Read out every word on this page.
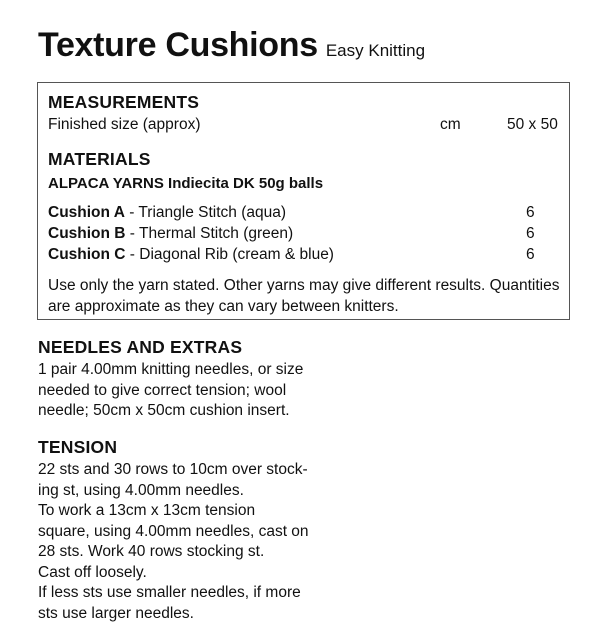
Texture Cushions Easy Knitting
MEASUREMENTS
Finished size (approx)	cm	50 x 50
MATERIALS
ALPACA YARNS Indiecita DK 50g balls
Cushion A - Triangle Stitch (aqua)	6
Cushion B - Thermal Stitch (green)	6
Cushion C - Diagonal Rib (cream & blue)	6
Use only the yarn stated. Other yarns may give different results. Quantities are approximate as they can vary between knitters.
NEEDLES AND EXTRAS
1 pair 4.00mm knitting needles, or size
needed to give correct tension; wool
needle; 50cm x 50cm cushion insert.
TENSION
22 sts and 30 rows to 10cm over stock-
ing st, using 4.00mm needles.
To work a 13cm x 13cm tension
square, using 4.00mm needles, cast on
28 sts. Work 40 rows stocking st.
Cast off loosely.
If less sts use smaller needles, if more
sts use larger needles.
